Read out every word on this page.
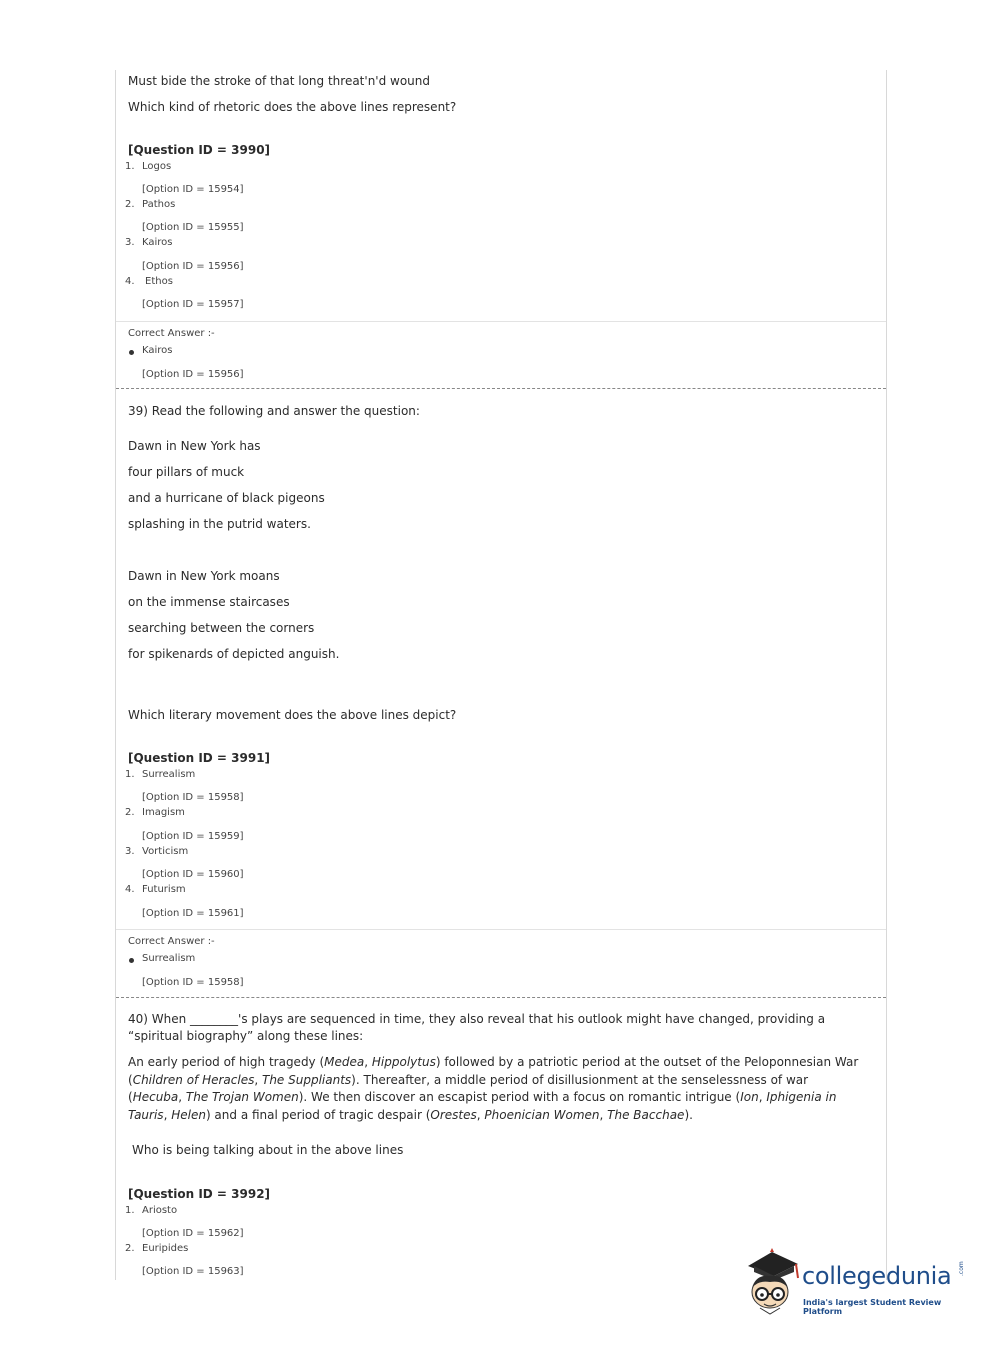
Must bide the stroke of that long threat'n'd wound
Which kind of rhetoric does the above lines represent?
[Question ID = 3990]
1. Logos
[Option ID = 15954]
2. Pathos
[Option ID = 15955]
3. Kairos
[Option ID = 15956]
4. Ethos
[Option ID = 15957]
Correct Answer :-
Kairos
[Option ID = 15956]
39) Read the following and answer the question:
Dawn in New York has
four pillars of muck
and a hurricane of black pigeons
splashing in the putrid waters.
Dawn in New York moans
on the immense staircases
searching between the corners
for spikenards of depicted anguish.
Which literary movement does the above lines depict?
[Question ID = 3991]
1. Surrealism
[Option ID = 15958]
2. Imagism
[Option ID = 15959]
3. Vorticism
[Option ID = 15960]
4. Futurism
[Option ID = 15961]
Correct Answer :-
Surrealism
[Option ID = 15958]
40) When ________'s plays are sequenced in time, they also reveal that his outlook might have changed, providing a
“spiritual biography” along these lines:
An early period of high tragedy (Medea, Hippolytus) followed by a patriotic period at the outset of the Peloponnesian War (Children of Heracles, The Suppliants). Thereafter, a middle period of disillusionment at the senselessness of war (Hecuba, The Trojan Women). We then discover an escapist period with a focus on romantic intrigue (Ion, Iphigenia in Tauris, Helen) and a final period of tragic despair (Orestes, Phoenician Women, The Bacchae).
Who is being talking about in the above lines
[Question ID = 3992]
1. Ariosto
[Option ID = 15962]
2. Euripides
[Option ID = 15963]	collegedunia .com
India's largest Student Review Platform
